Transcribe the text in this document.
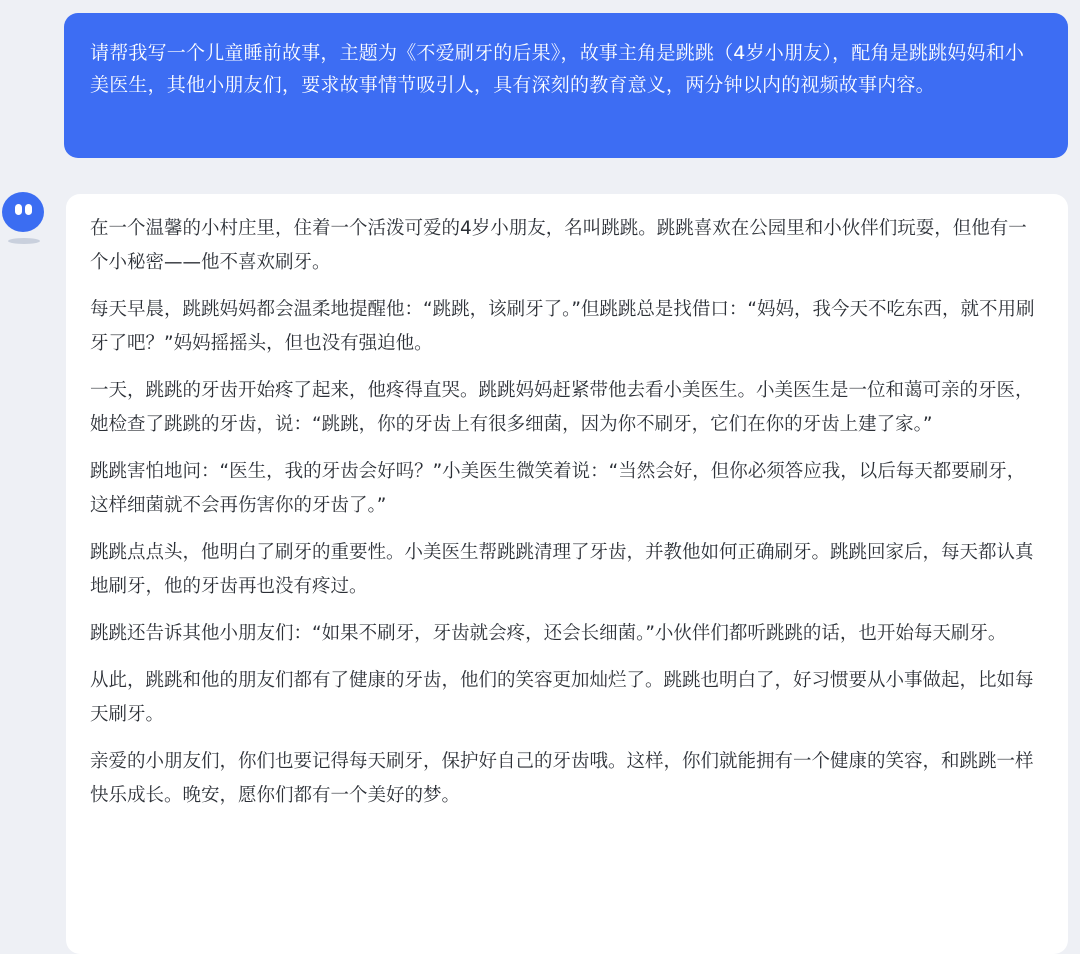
请帮我写一个儿童睡前故事，主题为《不爱刷牙的后果》，故事主角是跳跳（4岁小朋友），配角是跳跳妈妈和小美医生，其他小朋友们，要求故事情节吸引人，具有深刻的教育意义，两分钟以内的视频故事内容。

在一个温馨的小村庄里，住着一个活泼可爱的4岁小朋友，名叫跳跳。跳跳喜欢在公园里和小伙伴们玩耍，但他有一个小秘密——他不喜欢刷牙。

每天早晨，跳跳妈妈都会温柔地提醒他：“跳跳，该刷牙了。”但跳跳总是找借口：“妈妈，我今天不吃东西，就不用刷牙了吧？”妈妈摇摇头，但也没有强迫他。

一天，跳跳的牙齿开始疼了起来，他疼得直哭。跳跳妈妈赶紧带他去看小美医生。小美医生是一位和蔼可亲的牙医，她检查了跳跳的牙齿，说：“跳跳，你的牙齿上有很多细菌，因为你不刷牙，它们在你的牙齿上建了家。”

跳跳害怕地问：“医生，我的牙齿会好吗？”小美医生微笑着说：“当然会好，但你必须答应我，以后每天都要刷牙，这样细菌就不会再伤害你的牙齿了。”

跳跳点点头，他明白了刷牙的重要性。小美医生帮跳跳清理了牙齿，并教他如何正确刷牙。跳跳回家后，每天都认真地刷牙，他的牙齿再也没有疼过。

跳跳还告诉其他小朋友们：“如果不刷牙，牙齿就会疼，还会长细菌。”小伙伴们都听跳跳的话，也开始每天刷牙。

从此，跳跳和他的朋友们都有了健康的牙齿，他们的笑容更加灿烂了。跳跳也明白了，好习惯要从小事做起，比如每天刷牙。

亲爱的小朋友们，你们也要记得每天刷牙，保护好自己的牙齿哦。这样，你们就能拥有一个健康的笑容，和跳跳一样快乐成长。晚安，愿你们都有一个美好的梦。
